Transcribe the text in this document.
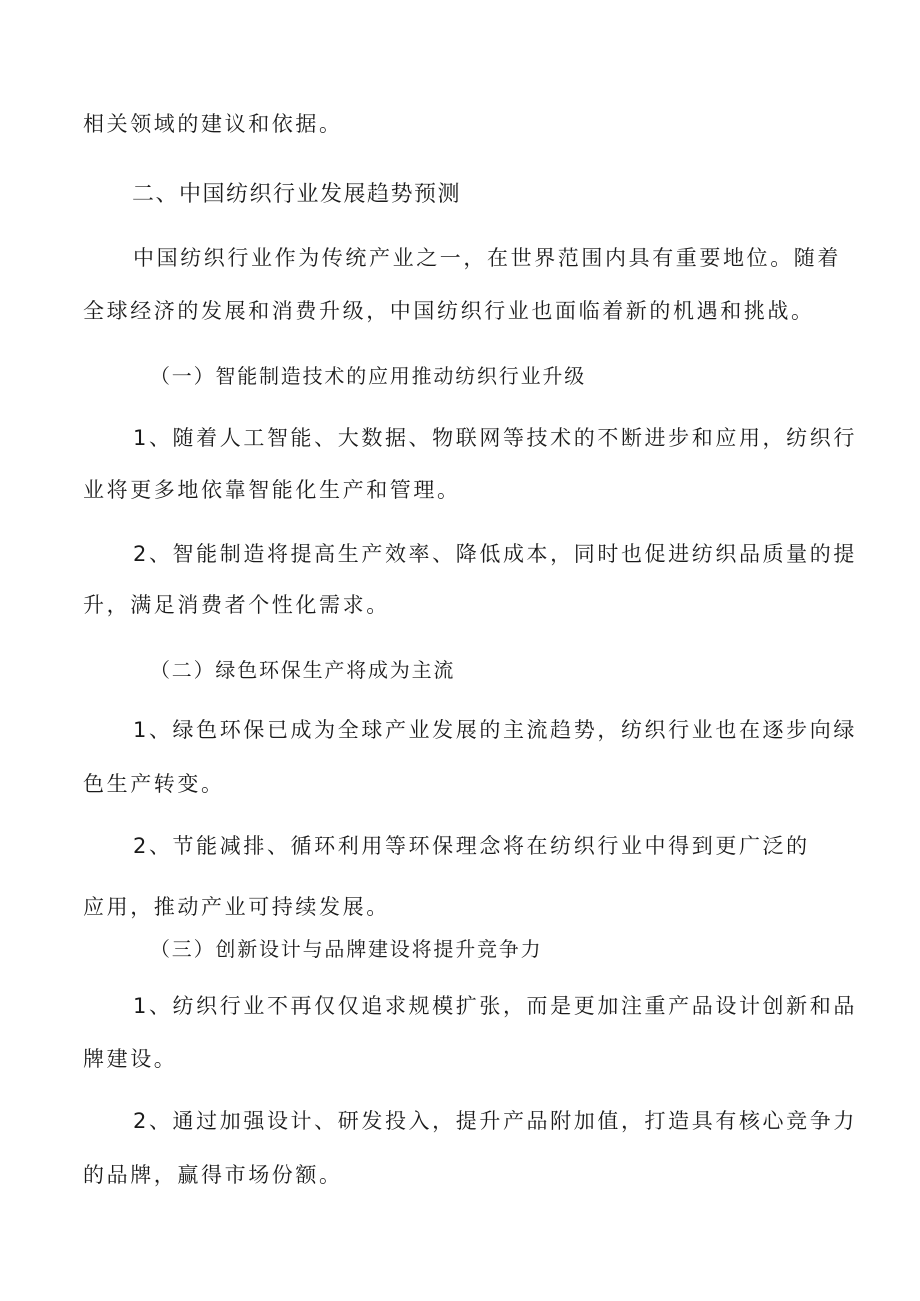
相关领域的建议和依据。

二、中国纺织行业发展趋势预测

中国纺织行业作为传统产业之一，在世界范围内具有重要地位。随着

全球经济的发展和消费升级，中国纺织行业也面临着新的机遇和挑战。

（一）智能制造技术的应用推动纺织行业升级

1、随着人工智能、大数据、物联网等技术的不断进步和应用，纺织行

业将更多地依靠智能化生产和管理。

2、智能制造将提高生产效率、降低成本，同时也促进纺织品质量的提

升，满足消费者个性化需求。

（二）绿色环保生产将成为主流

1、绿色环保已成为全球产业发展的主流趋势，纺织行业也在逐步向绿

色生产转变。

2、节能减排、循环利用等环保理念将在纺织行业中得到更广泛的

应用，推动产业可持续发展。

（三）创新设计与品牌建设将提升竞争力

1、纺织行业不再仅仅追求规模扩张，而是更加注重产品设计创新和品

牌建设。

2、通过加强设计、研发投入，提升产品附加值，打造具有核心竞争力

的品牌，赢得市场份额。
